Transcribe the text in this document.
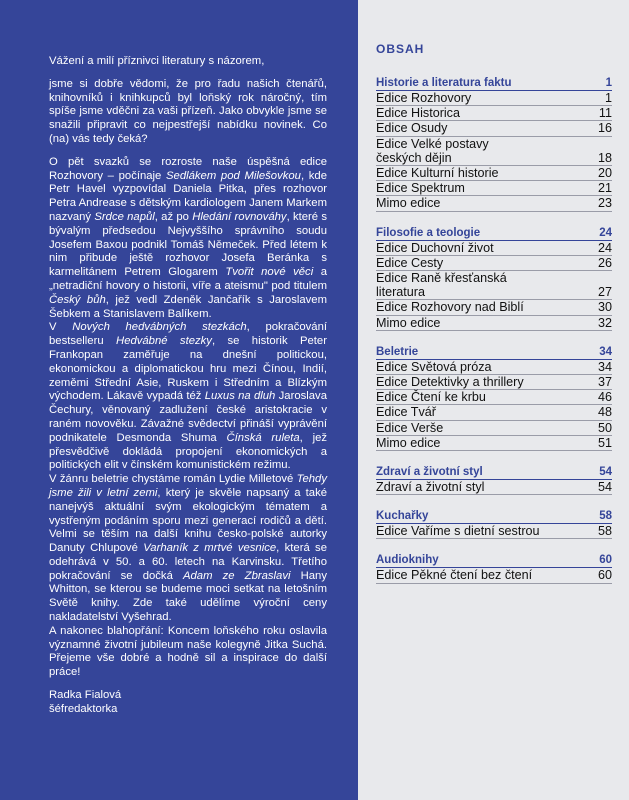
Vážení a milí příznivci literatury s názorem,

jsme si dobře vědomi, že pro řadu našich čtenářů, knihovníků i knihkupců byl loňský rok náročný, tím spíše jsme vděčni za vaši přízeň. Jako obvykle jsme se snažili připravit co nejpestřejší nabídku novinek. Co (na) vás tedy čeká?

O pět svazků se rozroste naše úspěšná edice Rozhovory – počínaje Sedlákem pod Milešovkou, kde Petr Havel vyzpovídal Daniela Pitka, přes rozhovor Petra Andrease s dětským kardiologem Janem Markem nazvaný Srdce napůl, až po Hledání rovnováhy, které s bývalým předsedou Nejvyššího správního soudu Josefem Baxou podnikl Tomáš Němeček. Před létem k nim přibude ještě rozhovor Josefa Beránka s karmelitánem Petrem Glogarem Tvořit nové věci a „netradiční hovory o historii, víře a ateismu" pod titulem Český bůh, jež vedl Zdeněk Jančařík s Jaroslavem Šebkem a Stanislavem Balíkem.

V Nových hedvábných stezkách, pokračování bestselleru Hedvábné stezky, se historik Peter Frankopan zaměřuje na dnešní politickou, ekonomickou a diplomatickou hru mezi Čínou, Indií, zeměmi Střední Asie, Ruskem i Středním a Blízkým východem. Lákavě vypadá též Luxus na dluh Jaroslava Čechury, věnovaný zadlužení české aristokracie v raném novověku. Závažné svědectví přináší vyprávění podnikatele Desmonda Shuma Čínská ruleta, jež přesvědčivě dokládá propojení ekonomických a politických elit v čínském komunistickém režimu.

V žánru beletrie chystáme román Lydie Milletové Tehdy jsme žili v letní zemi, který je skvěle napsaný a také nanejvýš aktuální svým ekologickým tématem a vystřeným podáním sporu mezi generací rodičů a dětí. Velmi se těším na další knihu česko-polské autorky Danuty Chlupové Varhaník z mrtvé vesnice, která se odehrává v 50. a 60. letech na Karvinsku. Třetího pokračování se dočká Adam ze Zbraslavi Hany Whitton, se kterou se budeme moci setkat na letošním Světě knihy. Zde také udělíme výroční ceny nakladatelství Vyšehrad.

A nakonec blahopřání: Koncem loňského roku oslavila významné životní jubileum naše kolegyně Jitka Suchá. Přejeme vše dobré a hodně sil a inspirace do další práce!

Radka Fialová

šéfredaktorka

OBSAH
Historie a literatura faktu	1
Edice Rozhovory	1
Edice Historica	11
Edice Osudy	16
Edice Velké postavy
českých dějin	18
Edice Kulturní historie	20
Edice Spektrum	21
Mimo edice	23
Filosofie a teologie	24
Edice Duchovní život	24
Edice Cesty	26
Edice Raně křesťanská
literatura	27
Edice Rozhovory nad Biblí	30
Mimo edice	32
Beletrie	34
Edice Světová próza	34
Edice Detektivky a thrillery	37
Edice Čtení ke krbu	46
Edice Tvář	48
Edice Verše	50
Mimo edice	51
Zdraví a životní styl	54
Zdraví a životní styl	54
Kuchařky	58
Edice Vaříme s dietní sestrou	58
Audioknihy	60
Edice Pěkné čtení bez čtení	60
